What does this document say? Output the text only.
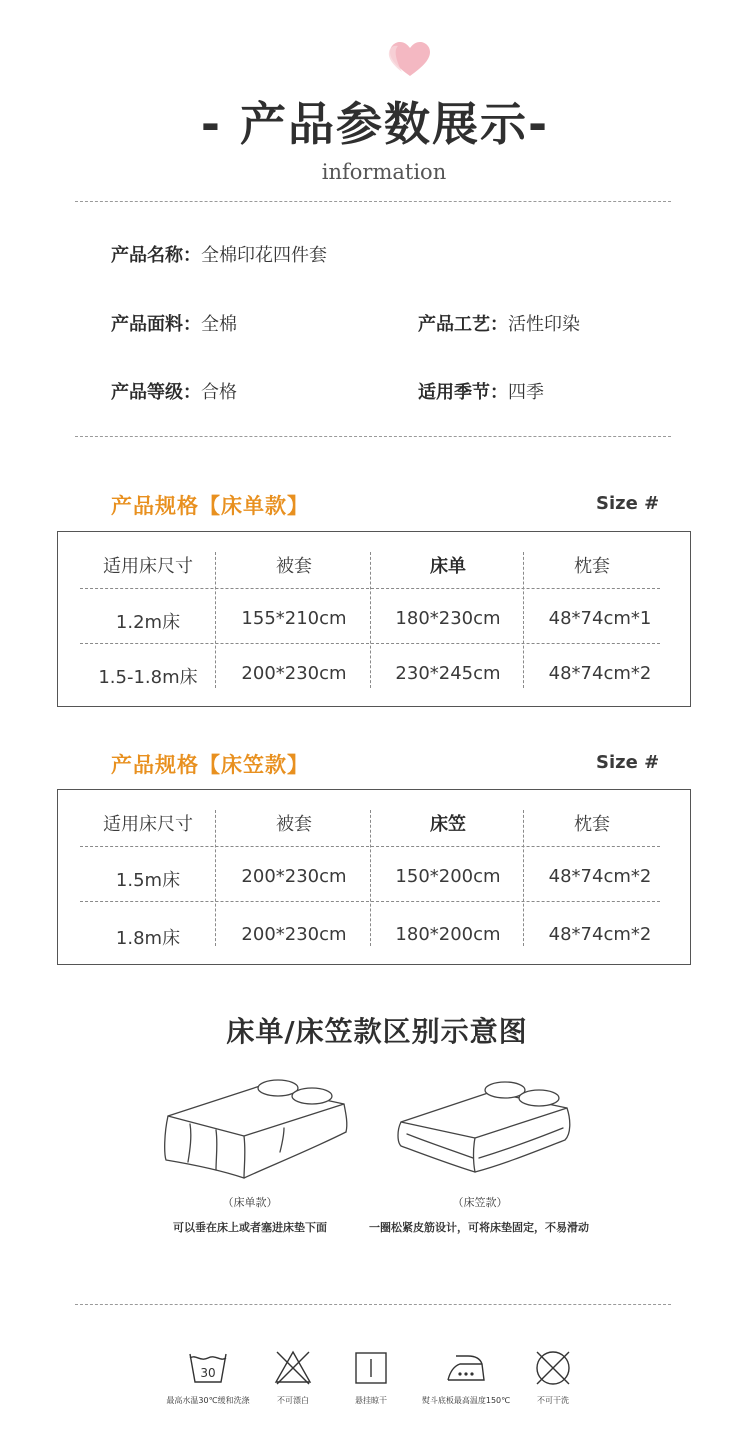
- 产品参数展示-
information
产品名称：全棉印花四件套
产品面料：全棉	产品工艺：活性印染
产品等级：合格	适用季节：四季
产品规格【床单款】	Size #
适用床尺寸	被套	床单	枕套
1.2m床	155*210cm	180*230cm	48*74cm*1
1.5-1.8m床	200*230cm	230*245cm	48*74cm*2
产品规格【床笠款】	Size #
适用床尺寸	被套	床笠	枕套
1.5m床	200*230cm	150*200cm	48*74cm*2
1.8m床	200*230cm	180*200cm	48*74cm*2
床单/床笠款区别示意图
（床单款）
可以垂在床上或者塞进床垫下面
（床笠款）
一圈松紧皮筋设计，可将床垫固定，不易滑动
30
最高水温30℃缓和洗涤	不可漂白	悬挂晾干	熨斗底板最高温度150℃	不可干洗
